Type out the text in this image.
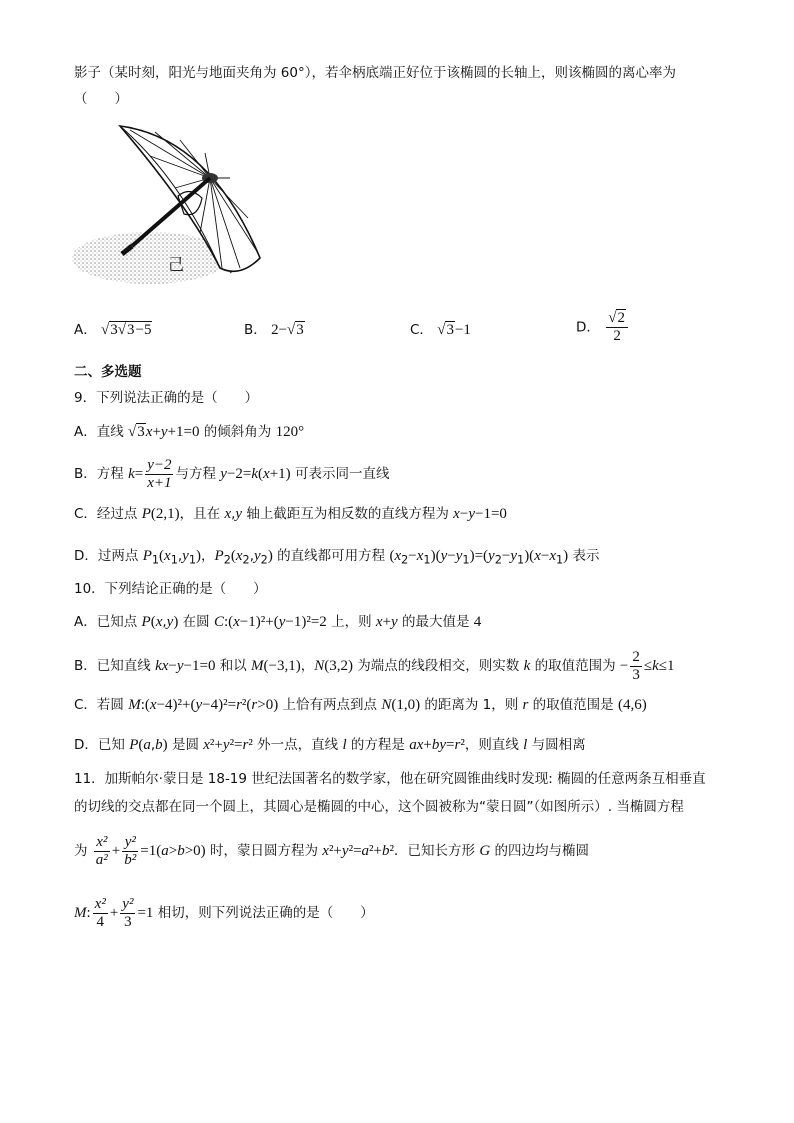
影子（某时刻，阳光与地面夹角为 60°），若伞柄底端正好位于该椭圆的长轴上，则该椭圆的离心率为
（　　）
己
A． √3√3−5	B． 2−√3	C． √3−1	D． $\frac{√2}{2}$
二、多选题
9．下列说法正确的是（　　）
A．直线 √3x+y+1=0 的倾斜角为 120°
B．方程 $k= \frac{y-2}{x+1}$ 与方程 y−2=k(x+1) 可表示同一直线
C．经过点 P(2,1)，且在 x,y 轴上截距互为相反数的直线方程为 x−y−1=0
D．过两点 $P_1(x_1,y_1)$，$P_2(x_2,y_2)$ 的直线都可用方程 $(x_2-x_1)(y-y_1)=(y_2-y_1)(x-x_1)$ 表示
10．下列结论正确的是（　　）
A．已知点 P(x,y) 在圆 C:(x−1)²+(y−1)²=2 上，则 x+y 的最大值是 4
B．已知直线 kx−y−1=0 和以 M(−3,1)，N(3,2) 为端点的线段相交，则实数 k 的取值范围为 − $\frac{2}{3} \le k\le 1$
C．若圆 M:(x−4)²+(y−4)²=r²(r>0) 上恰有两点到点 N(1,0) 的距离为 1，则 r 的取值范围是 (4,6)
D．已知 P(a,b) 是圆 x²+y²=r² 外一点，直线 l 的方程是 ax+by=r²，则直线 l 与圆相离
11．加斯帕尔·蒙日是 18-19 世纪法国著名的数学家，他在研究圆锥曲线时发现: 椭圆的任意两条互相垂直
的切线的交点都在同一个圆上，其圆心是椭圆的中心，这个圆被称为“蒙日圆”（如图所示）. 当椭圆方程
为 $\frac{\text{x²}}{\text{a²}} + \frac{\text{y²}}{\text{b²}} =1(a>b>0)$ 时，蒙日圆方程为 x²+y²=a²+b²．已知长方形 G 的四边均与椭圆
M: $\frac{\text{x²}}{4} + \frac{\text{y²}}{3} =1$ 相切，则下列说法正确的是（　　）
